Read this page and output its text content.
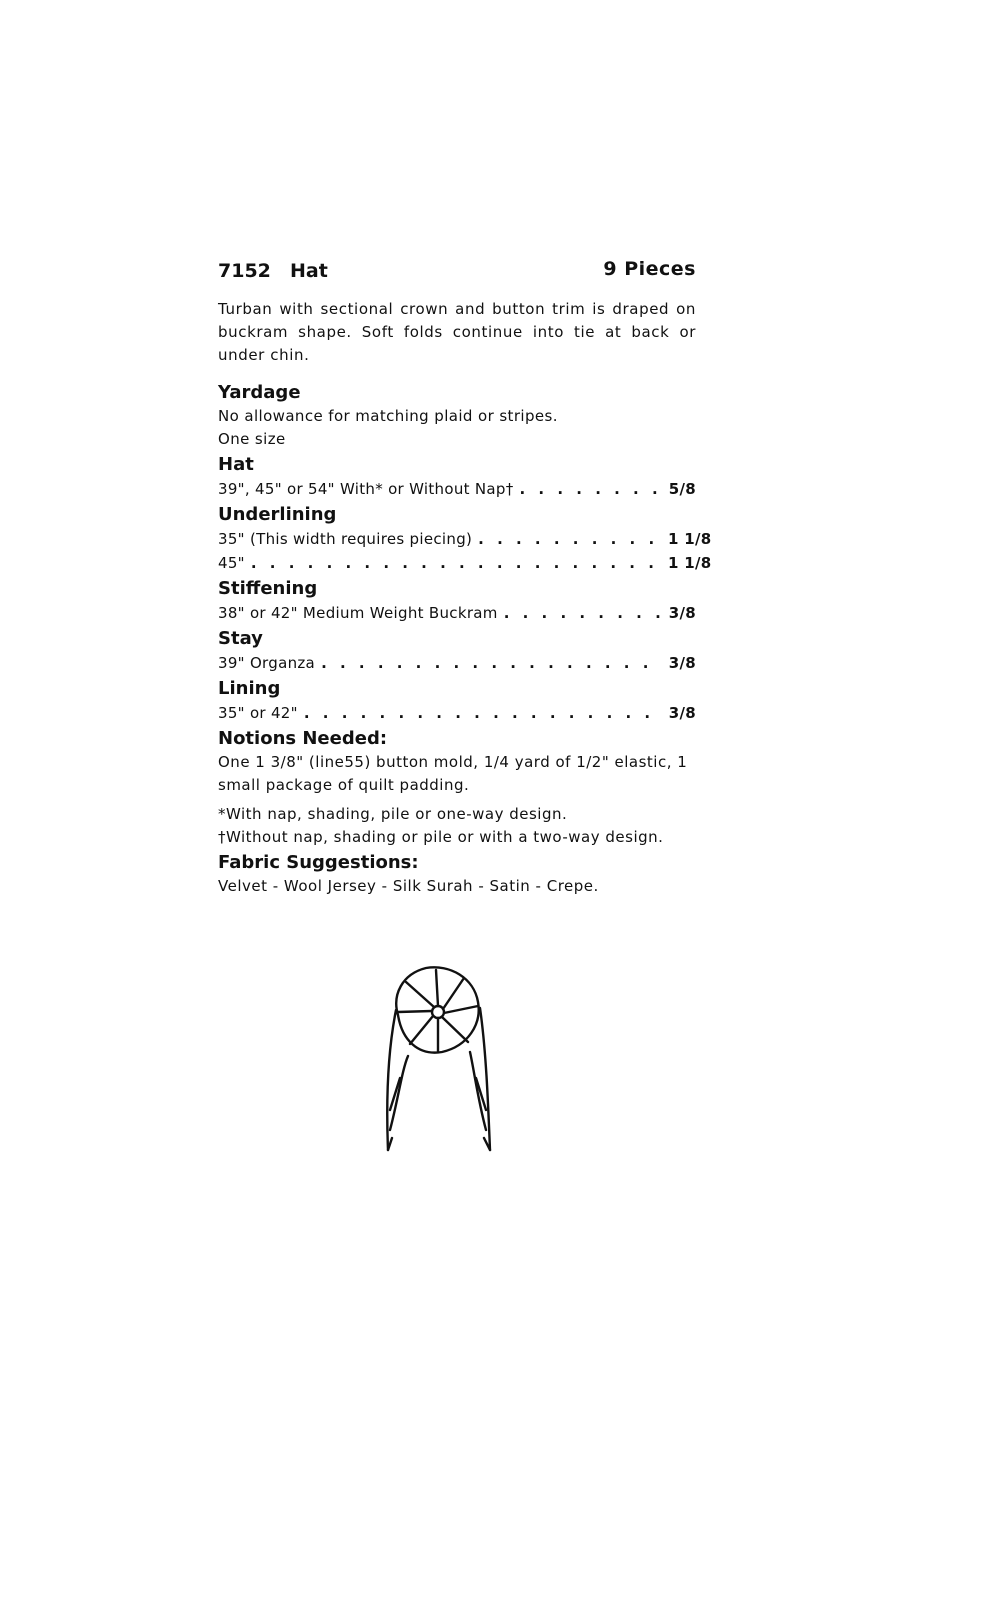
7152 Hat	9 Pieces
Turban with sectional crown and button trim is draped on buckram shape. Soft folds continue into tie at back or under chin.
Yardage
No allowance for matching plaid or stripes.
One size
Hat
39", 45" or 54" With* or Without Nap† . . .	5/8
Underlining
35" (This width requires piecing) . . .	1 1/8
45" . . .	1 1/8
Stiffening
38" or 42" Medium Weight Buckram . . .	3/8
Stay
39" Organza . . .	3/8
Lining
35" or 42" . . .	3/8
Notions Needed:
One 1 3/8" (line55) button mold, 1/4 yard of 1/2" elastic, 1 small package of quilt padding.
*With nap, shading, pile or one-way design.
†Without nap, shading or pile or with a two-way design.
Fabric Suggestions:
Velvet - Wool Jersey - Silk Surah - Satin - Crepe.
